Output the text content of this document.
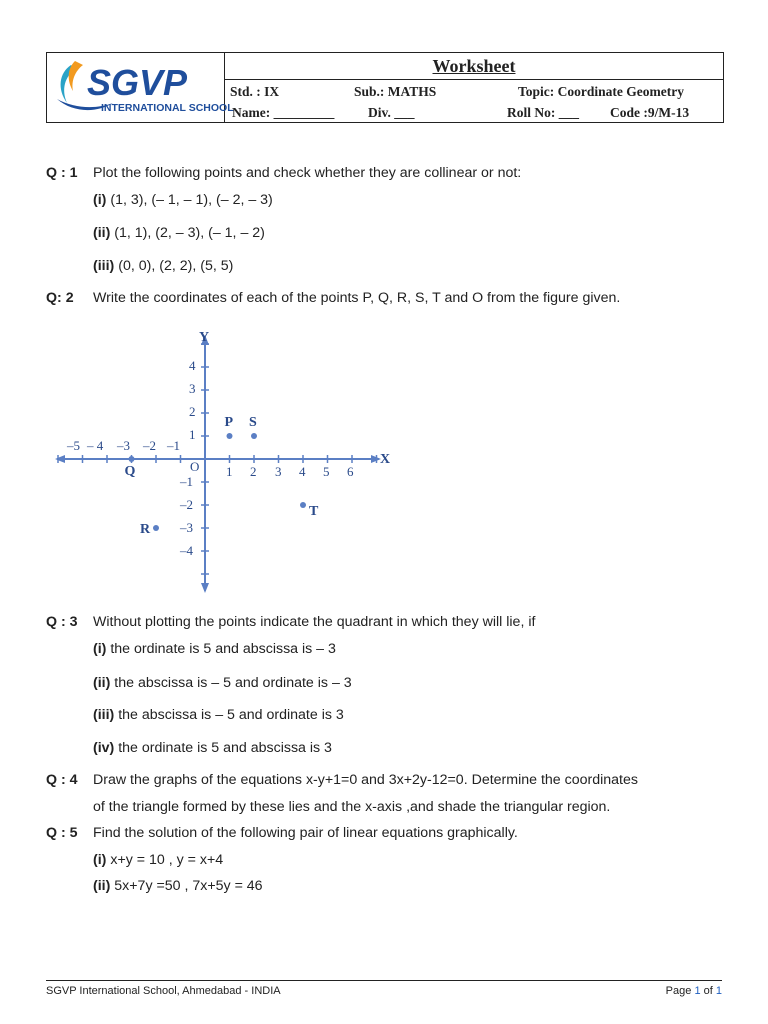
SGVP
INTERNATIONAL SCHOOL
Worksheet
Std. : IX	Sub.: MATHS	Topic: Coordinate Geometry
Name: _________ Div. ___	Roll No: ___ Code :9/M-13
Q : 1 Plot the following points and check whether they are collinear or not:
(i) (1, 3), (– 1, – 1), (– 2, – 3)
(ii) (1, 1), (2, – 3), (– 1, – 2)
(iii) (0, 0), (2, 2), (5, 5)
Q: 2 Write the coordinates of each of the points P, Q, R, S, T and O from the figure given.
X
Y
O
–5 – 4 –3 –2 –1
1 2 3 4 5 6
4
3
2
1
–1
–2
–3
–4
P S
Q
R
T
Q : 3 Without plotting the points indicate the quadrant in which they will lie, if
(i) the ordinate is 5 and abscissa is – 3
(ii) the abscissa is – 5 and ordinate is – 3
(iii) the abscissa is – 5 and ordinate is 3
(iv) the ordinate is 5 and abscissa is 3
Q : 4 Draw the graphs of the equations x-y+1=0 and 3x+2y-12=0. Determine the coordinates
of the triangle formed by these lies and the x-axis ,and shade the triangular region.
Q : 5 Find the solution of the following pair of linear equations graphically.
(i) x+y = 10 , y = x+4
(ii) 5x+7y =50 , 7x+5y = 46
SGVP International School, Ahmedabad - INDIA	Page 1 of 1
